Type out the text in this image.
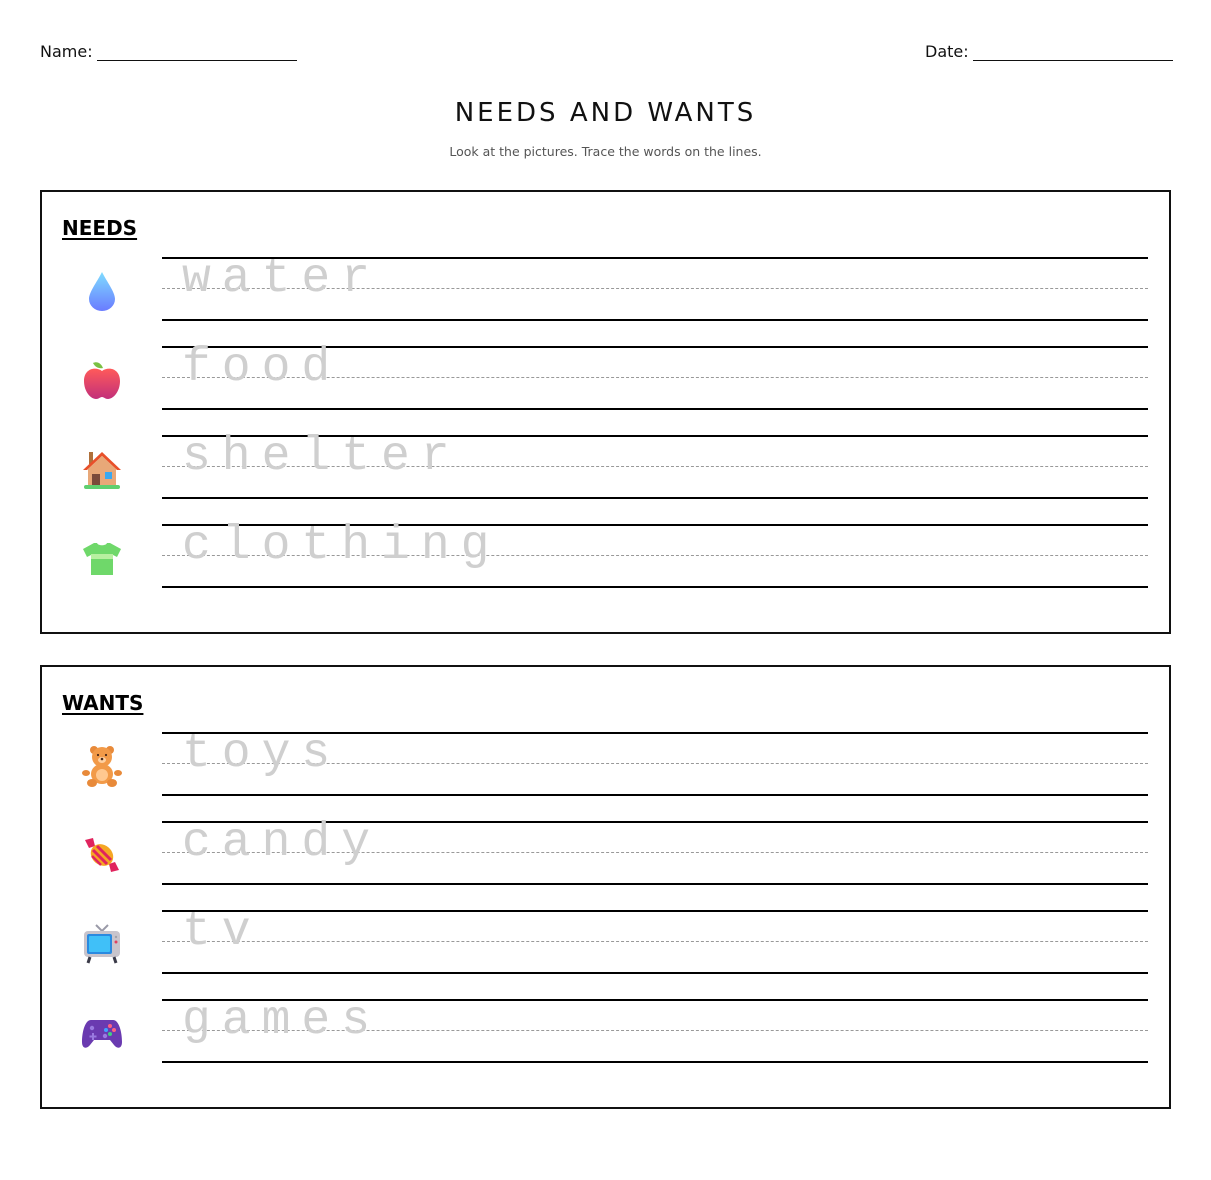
Name:	Date:
NEEDS AND WANTS
Look at the pictures. Trace the words on the lines.
NEEDS
water
food
shelter
clothing
WANTS
toys
candy
tv
games
